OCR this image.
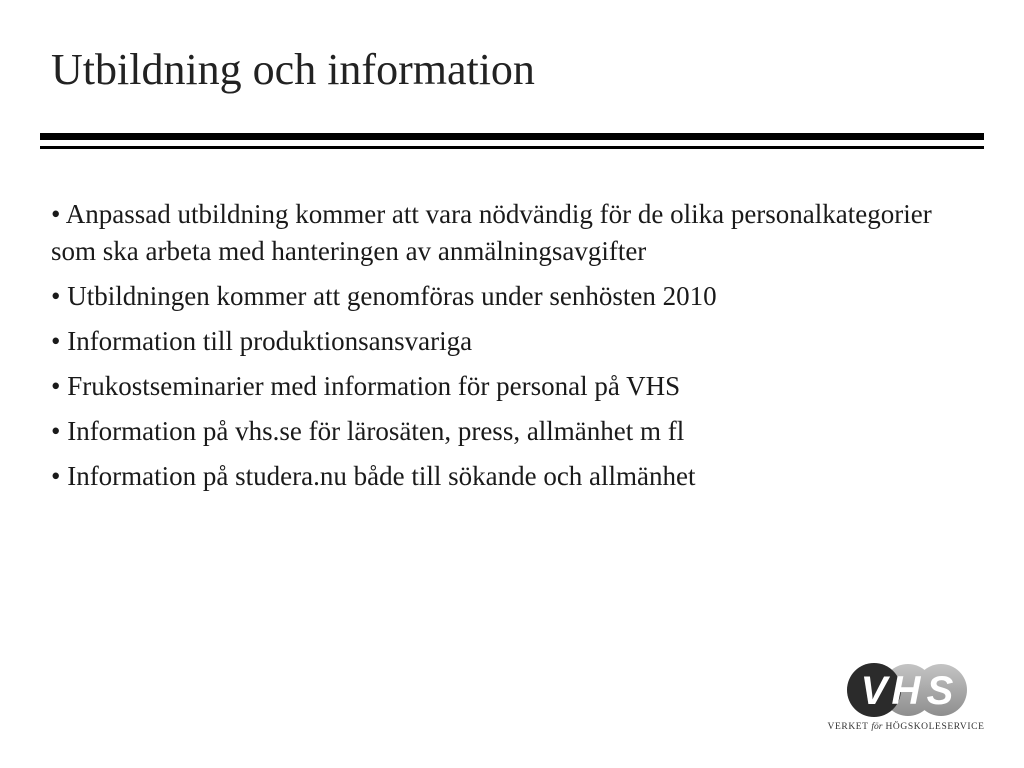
Utbildning och information
• Anpassad utbildning kommer att vara nödvändig för de olika personalkategorier som ska arbeta med hanteringen av anmälningsavgifter
• Utbildningen kommer att genomföras under senhösten 2010
• Information till produktionsansvariga
• Frukostseminarier med information för personal på VHS
• Information på vhs.se för lärosäten, press, allmänhet m fl
• Information på studera.nu både till sökande och allmänhet
V H S
VERKET för HÖGSKOLESERVICE
